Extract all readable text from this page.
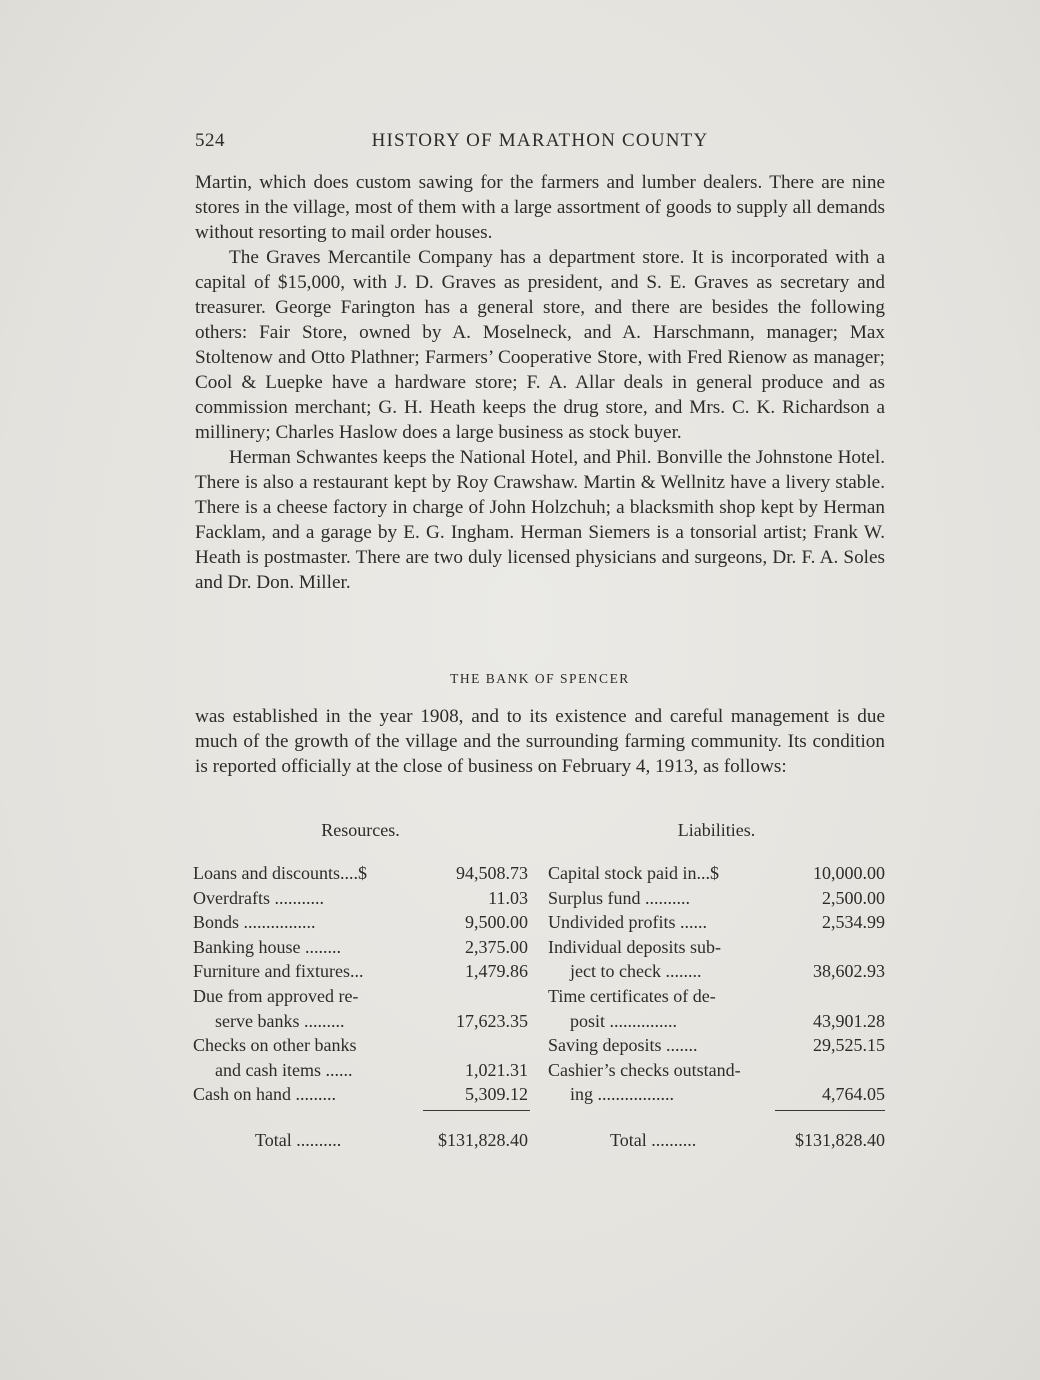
524	HISTORY OF MARATHON COUNTY

Martin, which does custom sawing for the farmers and lumber dealers. There are nine stores in the village, most of them with a large assortment of goods to supply all demands without resorting to mail order houses.

The Graves Mercantile Company has a department store. It is incorporated with a capital of $15,000, with J. D. Graves as president, and S. E. Graves as secretary and treasurer. George Farington has a general store, and there are besides the following others: Fair Store, owned by A. Moselneck, and A. Harschmann, manager; Max Stoltenow and Otto Plathner; Farmers’ Cooperative Store, with Fred Rienow as manager; Cool & Luepke have a hardware store; F. A. Allar deals in general produce and as commission merchant; G. H. Heath keeps the drug store, and Mrs. C. K. Richardson a millinery; Charles Haslow does a large business as stock buyer.

Herman Schwantes keeps the National Hotel, and Phil. Bonville the Johnstone Hotel. There is also a restaurant kept by Roy Crawshaw. Martin & Wellnitz have a livery stable. There is a cheese factory in charge of John Holzchuh; a blacksmith shop kept by Herman Facklam, and a garage by E. G. Ingham. Herman Siemers is a tonsorial artist; Frank W. Heath is postmaster. There are two duly licensed physicians and surgeons, Dr. F. A. Soles and Dr. Don. Miller.

THE BANK OF SPENCER

was established in the year 1908, and to its existence and careful management is due much of the growth of the village and the surrounding farming community. Its condition is reported officially at the close of business on February 4, 1913, as follows:

Resources.
Loans and discounts....$	94,508.73
Overdrafts ...........	11.03
Bonds ................	9,500.00
Banking house ........	2,375.00
Furniture and fixtures...	1,479.86
Due from approved re-
serve banks .........	17,623.35
Checks on other banks
and cash items ......	1,021.31
Cash on hand .........	5,309.12
Liabilities.
Capital stock paid in...$	10,000.00
Surplus fund ..........	2,500.00
Undivided profits ......	2,534.99
Individual deposits sub-
ject to check ........	38,602.93
Time certificates of de-
posit ...............	43,901.28
Saving deposits .......	29,525.15
Cashier’s checks outstand-
ing .................	4,764.05
Total ..........	$131,828.40	Total ..........	$131,828.40
